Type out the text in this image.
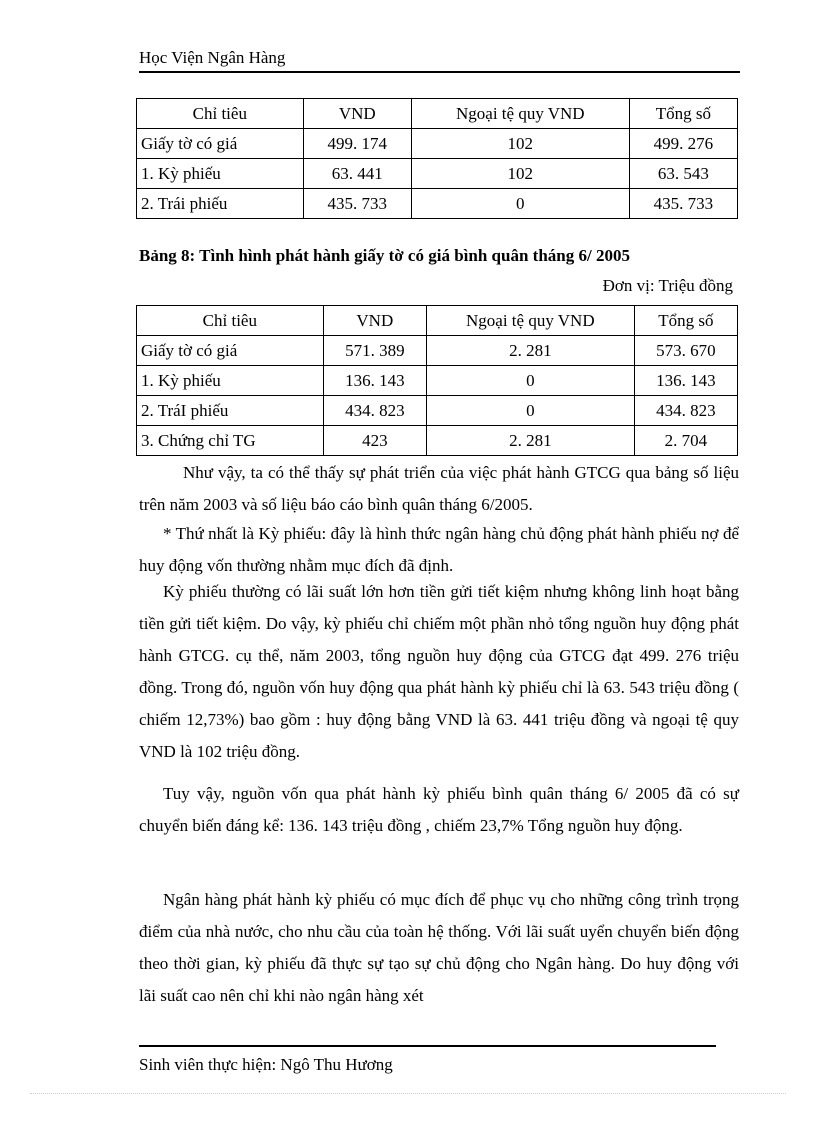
Học Viện Ngân Hàng
Chỉ tiêu	VND	Ngoại tệ quy VND	Tổng số
Giấy tờ có giá	499. 174	102	499. 276
1. Kỳ phiếu	63. 441	102	63. 543
2. Trái phiếu	435. 733	0	435. 733
Bảng 8: Tình hình phát hành giấy tờ có giá bình quân tháng 6/ 2005
Đơn vị: Triệu đồng
Chỉ tiêu	VND	Ngoại tệ quy VND	Tổng số
Giấy tờ có giá	571. 389	2. 281	573. 670
1. Kỳ phiếu	136. 143	0	136. 143
2. TráI phiếu	434. 823	0	434. 823
3. Chứng chỉ TG	423	2. 281	2. 704
Như vậy, ta có thể thấy sự phát triển của việc phát hành GTCG qua bảng số liệu trên năm 2003 và số liệu báo cáo bình quân tháng 6/2005.
* Thứ nhất là Kỳ phiếu: đây là hình thức ngân hàng chủ động phát hành phiếu nợ để huy động vốn thường nhằm mục đích đã định.
Kỳ phiếu thường có lãi suất lớn hơn tiền gửi tiết kiệm nhưng không linh hoạt bằng tiền gửi tiết kiệm. Do vậy, kỳ phiếu chỉ chiếm một phần nhỏ tổng nguồn huy động phát hành GTCG. cụ thể, năm 2003, tổng nguồn huy động của GTCG đạt 499. 276 triệu đồng. Trong đó, nguồn vốn huy động qua phát hành kỳ phiếu chỉ là 63. 543 triệu đồng ( chiếm 12,73%) bao gồm : huy động bằng VND là 63. 441 triệu đồng và ngoại tệ quy VND là 102 triệu đồng.
Tuy vậy, nguồn vốn qua phát hành kỳ phiếu bình quân tháng 6/ 2005 đã có sự chuyển biến đáng kể: 136. 143 triệu đồng , chiếm 23,7% Tổng nguồn huy động.
Ngân hàng phát hành kỳ phiếu có mục đích để phục vụ cho những công trình trọng điểm của nhà nước, cho nhu cầu của toàn hệ thống. Với lãi suất uyển chuyển biến động theo thời gian, kỳ phiếu đã thực sự tạo sự chủ động cho Ngân hàng. Do huy động với lãi suất cao nên chỉ khi nào ngân hàng xét
Sinh viên thực hiện: Ngô Thu Hương
